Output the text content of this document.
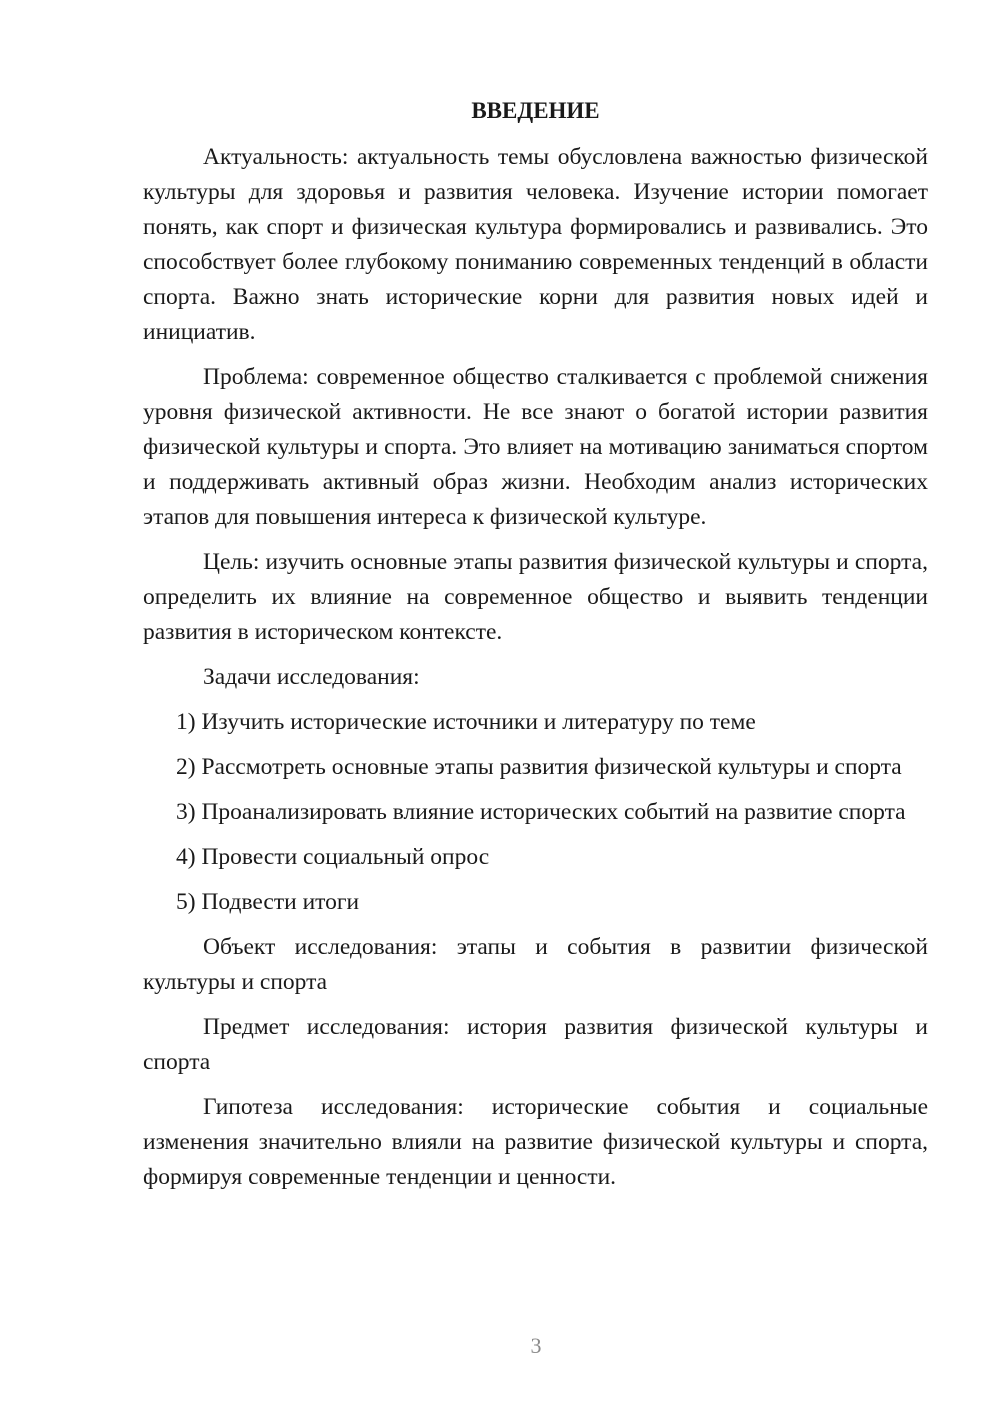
ВВЕДЕНИЕ

Актуальность: актуальность темы обусловлена важностью физической культуры для здоровья и развития человека. Изучение истории помогает понять, как спорт и физическая культура формировались и развивались. Это способствует более глубокому пониманию современных тенденций в области спорта. Важно знать исторические корни для развития новых идей и инициатив.

Проблема: современное общество сталкивается с проблемой снижения уровня физической активности. Не все знают о богатой истории развития физической культуры и спорта. Это влияет на мотивацию заниматься спортом и поддерживать активный образ жизни. Необходим анализ исторических этапов для повышения интереса к физической культуре.

Цель: изучить основные этапы развития физической культуры и спорта, определить их влияние на современное общество и выявить тенденции развития в историческом контексте.

Задачи исследования:

1) Изучить исторические источники и литературу по теме

2) Рассмотреть основные этапы развития физической культуры и спорта

3) Проанализировать влияние исторических событий на развитие спорта

4) Провести социальный опрос

5) Подвести итоги

Объект исследования: этапы и события в развитии физической культуры и спорта

Предмет исследования: история развития физической культуры и спорта

Гипотеза исследования: исторические события и социальные изменения значительно влияли на развитие физической культуры и спорта, формируя современные тенденции и ценности.

3
